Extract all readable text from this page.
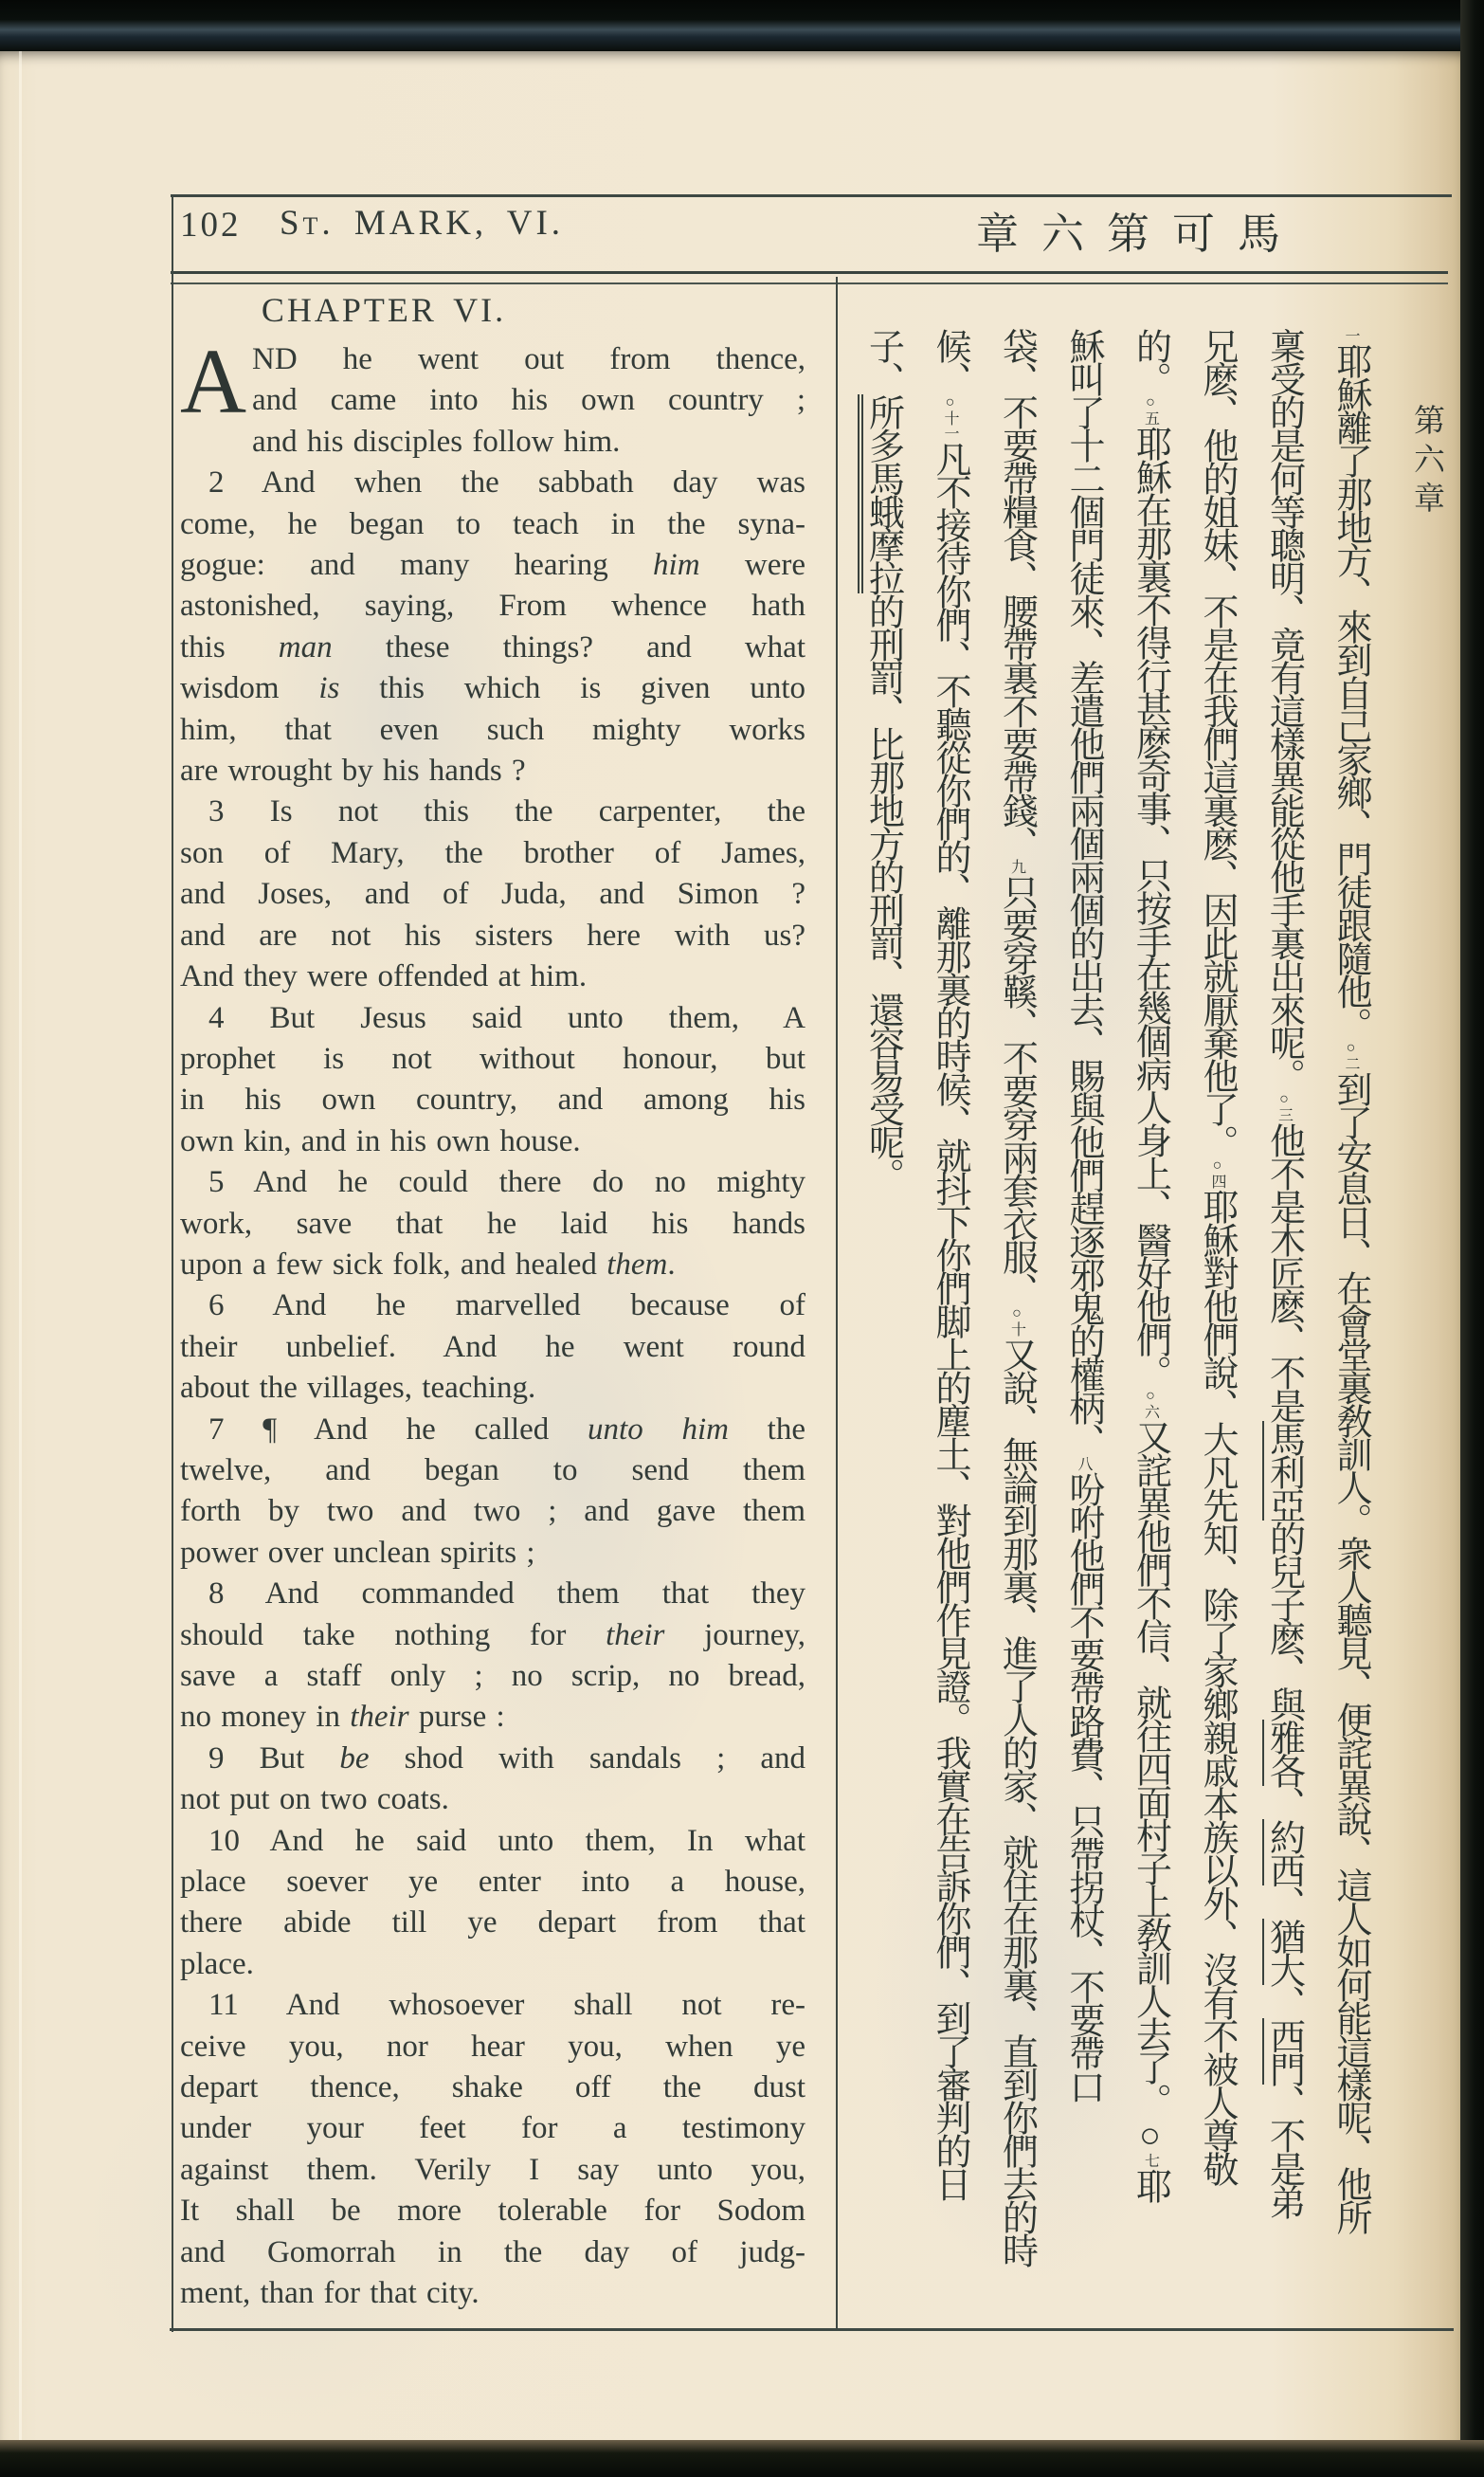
102	St. MARK, VI.	章六第可馬
第六章
CHAPTER VI.
A ND he went out from thence,
and came into his own country ;
and his disciples follow him.
2 And when the sabbath day was
come, he began to teach in the syna-
gogue: and many hearing him were
astonished, saying, From whence hath
this man these things? and what
wisdom is this which is given unto
him, that even such mighty works
are wrought by his hands ?
3 Is not this the carpenter, the
son of Mary, the brother of James,
and Joses, and of Juda, and Simon ?
and are not his sisters here with us?
And they were offended at him.
4 But Jesus said unto them, A
prophet is not without honour, but
in his own country, and among his
own kin, and in his own house.
5 And he could there do no mighty
work, save that he laid his hands
upon a few sick folk, and healed them.
6 And he marvelled because of
their unbelief. And he went round
about the villages, teaching.
7 ¶ And he called unto him the
twelve, and began to send them
forth by two and two ; and gave them
power over unclean spirits ;
8 And commanded them that they
should take nothing for their journey,
save a staff only ; no scrip, no bread,
no money in their purse :
9 But be shod with sandals ; and
not put on two coats.
10 And he said unto them, In what
place soever ye enter into a house,
there abide till ye depart from that
place.
11 And whosoever shall not re-
ceive you, nor hear you, when ye
depart thence, shake off the dust
under your feet for a testimony
against them. Verily I say unto you,
It shall be more tolerable for Sodom
and Gomorrah in the day of judg-
ment, than for that city.
一耶穌離了那地方、來到自己家鄉、門徒跟隨他。○二到了安息日、在會堂裏敎訓人。衆人聽見、便詫異說、這人如何能這樣呢、他所
稟受的是何等聰明、竟有這樣異能從他手裏出來呢。○三他不是木匠麽、不是馬利亞的兒子麽、與雅各、約西、猶大、西門、不是弟
兄麽、他的姐妹、不是在我們這裏麽、因此就厭棄他了。○四耶穌對他們說、大凡先知、除了家鄉親戚本族以外、沒有不被人尊敬
的。○五耶穌在那裏不得行甚麽奇事、只按手在幾個病人身上、醫好他們。○六又詫異他們不信、就往四面村子上敎訓人去了。○七耶
穌叫了十二個門徒來、差遣他們兩個兩個的出去、賜與他們趕逐邪鬼的權柄、八吩咐他們不要帶路費、只帶拐杖、不要帶口
袋、不要帶糧食、腰帶裏不要帶錢、九只要穿鞵、不要穿兩套衣服、○十又說、無論到那裏、進了人的家、就住在那裏、直到你們去的時
候、○十一凡不接待你們、不聽從你們的、離那裏的時候、就抖下你們脚上的塵土、對他們作見證。我實在告訴你們、到了審判的日
子、所多馬蛾摩拉的刑罰、比那地方的刑罰、還容易受呢。
